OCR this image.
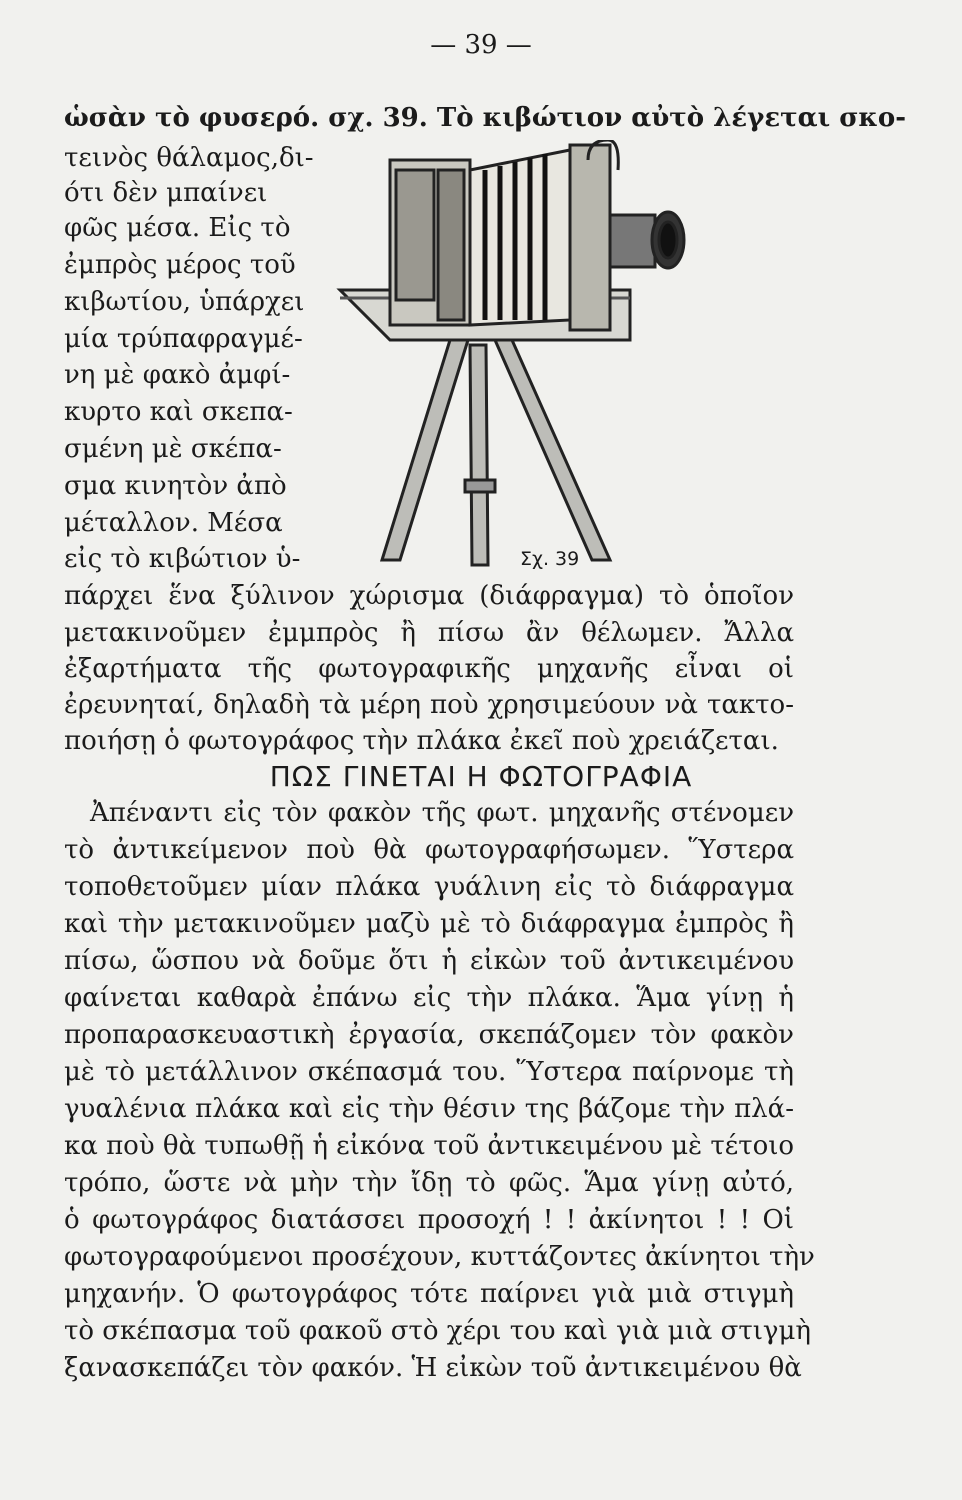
— 39 —
Σχ. 39
ὡσὰν τὸ φυσερό. σχ. 39. Τὸ κιβώτιον αὐτὸ λέγεται σκο-
τεινὸς θάλαμος,δι-
ότι δὲν μπαίνει
φῶς μέσα. Εἰς τὸ
ἐμπρὸς μέρος τοῦ
κιβωτίου, ὑπάρχει
μία τρύπαφραγμέ-
νη μὲ φακὸ ἀμφί-
κυρτο καὶ σκεπα-
σμένη μὲ σκέπα-
σμα κινητὸν ἀπὸ
μέταλλον. Μέσα
εἰς τὸ κιβώτιον ὑ-
πάρχει ἕνα ξύλινον χώρισμα (διάφραγμα) τὸ ὁποῖον
μετακινοῦμεν ἐμμπρὸς ἢ πίσω ἂν θέλωμεν. Ἄλλα
ἐξαρτήματα τῆς φωτογραφικῆς μηχανῆς εἶναι οἱ
ἐρευνηταί, δηλαδὴ τὰ μέρη ποὺ χρησιμεύουν νὰ τακτο-
ποιήσῃ ὁ φωτογράφος τὴν πλάκα ἐκεῖ ποὺ χρειάζεται.
ΠΩΣ ΓΙΝΕΤΑΙ Η ΦΩΤΟΓΡΑΦΙΑ
Ἀπέναντι εἰς τὸν φακὸν τῆς φωτ. μηχανῆς στένομεν
τὸ ἀντικείμενον ποὺ θὰ φωτογραφήσωμεν. Ὕστερα
τοποθετοῦμεν μίαν πλάκα γυάλινη εἰς τὸ διάφραγμα
καὶ τὴν μετακινοῦμεν μαζὺ μὲ τὸ διάφραγμα ἐμπρὸς ἢ
πίσω, ὥσπου νὰ δοῦμε ὅτι ἡ εἰκὼν τοῦ ἀντικειμένου
φαίνεται καθαρὰ ἐπάνω εἰς τὴν πλάκα. Ἅμα γίνῃ ἡ
προπαρασκευαστικὴ ἐργασία, σκεπάζομεν τὸν φακὸν
μὲ τὸ μετάλλινον σκέπασμά του. Ὕστερα παίρνομε τὴ
γυαλένια πλάκα καὶ εἰς τὴν θέσιν της βάζομε τὴν πλά-
κα ποὺ θὰ τυπωθῇ ἡ εἰκόνα τοῦ ἀντικειμένου μὲ τέτοιο
τρόπο, ὥστε νὰ μὴν τὴν ἴδῃ τὸ φῶς. Ἅμα γίνῃ αὐτό,
ὁ φωτογράφος διατάσσει προσοχή ! ! ἀκίνητοι ! ! Οἱ
φωτογραφούμενοι προσέχουν, κυττάζοντες ἀκίνητοι τὴν
μηχανήν. Ὁ φωτογράφος τότε παίρνει γιὰ μιὰ στιγμὴ
τὸ σκέπασμα τοῦ φακοῦ στὸ χέρι του καὶ γιὰ μιὰ στιγμὴ
ξανασκεπάζει τὸν φακόν. Ἡ εἰκὼν τοῦ ἀντικειμένου θὰ
